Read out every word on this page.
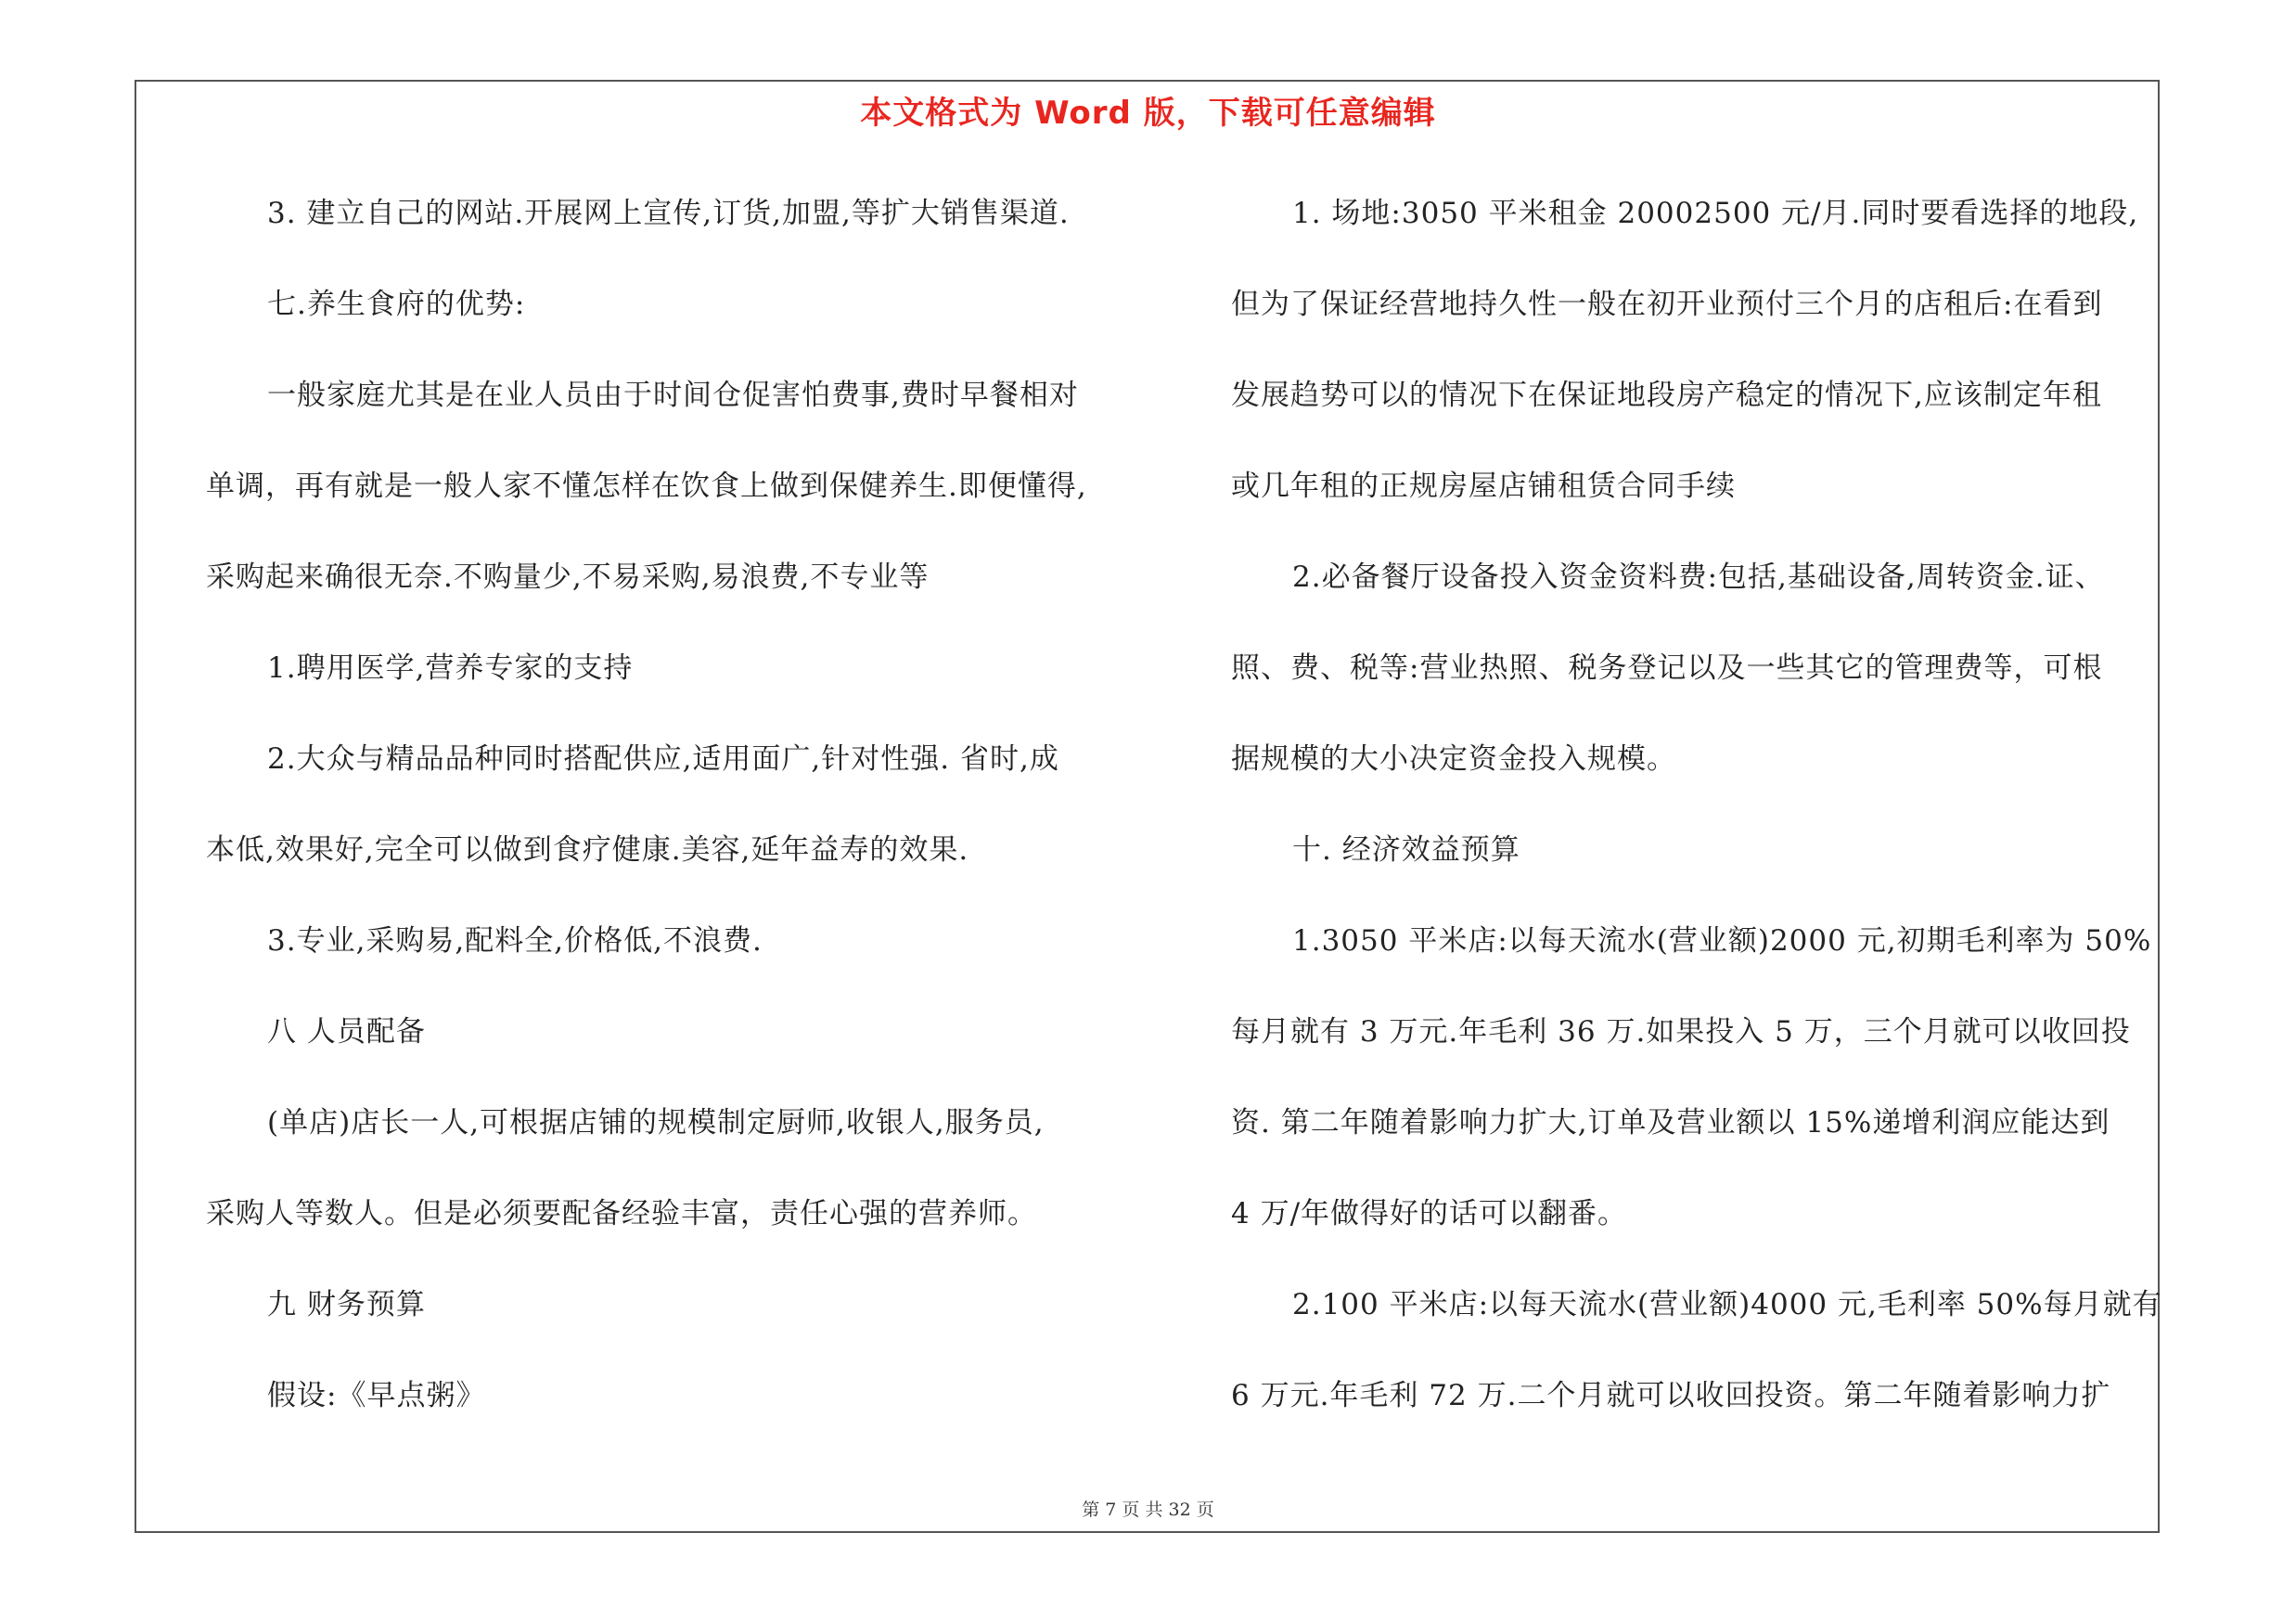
本文格式为 Word 版，下载可任意编辑
3. 建立自己的网站.开展网上宣传,订货,加盟,等扩大销售渠道.
七.养生食府的优势:
一般家庭尤其是在业人员由于时间仓促害怕费事,费时早餐相对
单调，再有就是一般人家不懂怎样在饮食上做到保健养生.即便懂得,
采购起来确很无奈.不购量少,不易采购,易浪费,不专业等
1.聘用医学,营养专家的支持
2.大众与精品品种同时搭配供应,适用面广,针对性强. 省时,成
本低,效果好,完全可以做到食疗健康.美容,延年益寿的效果.
3.专业,采购易,配料全,价格低,不浪费.
八 人员配备
(单店)店长一人,可根据店铺的规模制定厨师,收银人,服务员,
采购人等数人。但是必须要配备经验丰富，责任心强的营养师。
九 财务预算
假设:《早点粥》
1. 场地:3050 平米租金 20002500 元/月.同时要看选择的地段,
但为了保证经营地持久性一般在初开业预付三个月的店租后:在看到
发展趋势可以的情况下在保证地段房产稳定的情况下,应该制定年租
或几年租的正规房屋店铺租赁合同手续
2.必备餐厅设备投入资金资料费:包括,基础设备,周转资金.证、
照、费、税等:营业热照、税务登记以及一些其它的管理费等，可根
据规模的大小决定资金投入规模。
十. 经济效益预算
1.3050 平米店:以每天流水(营业额)2000 元,初期毛利率为 50%
每月就有 3 万元.年毛利 36 万.如果投入 5 万，三个月就可以收回投
资. 第二年随着影响力扩大,订单及营业额以 15%递增利润应能达到
4 万/年做得好的话可以翻番。
2.100 平米店:以每天流水(营业额)4000 元,毛利率 50%每月就有
6 万元.年毛利 72 万.二个月就可以收回投资。第二年随着影响力扩
第 7 页 共 32 页
